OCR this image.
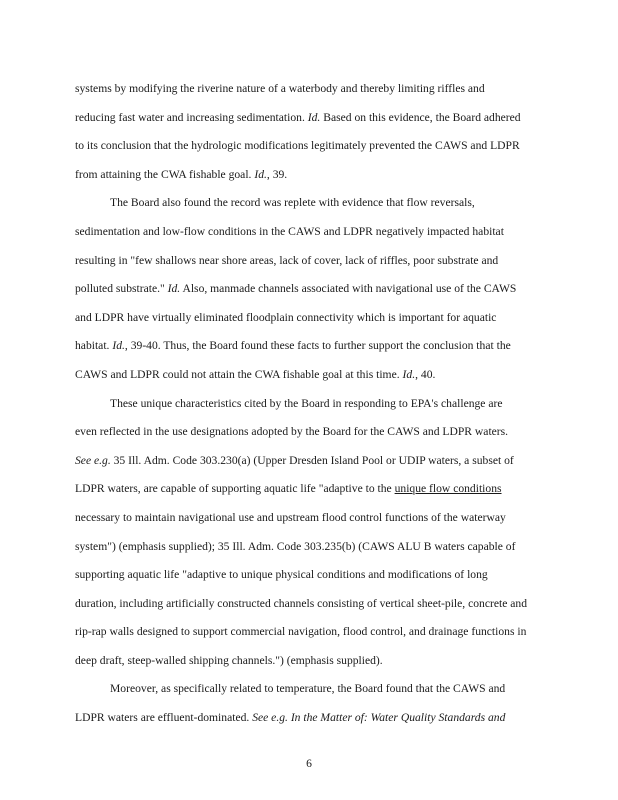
systems by modifying the riverine nature of a waterbody and thereby limiting riffles and
reducing fast water and increasing sedimentation. Id. Based on this evidence, the Board adhered
to its conclusion that the hydrologic modifications legitimately prevented the CAWS and LDPR
from attaining the CWA fishable goal. Id., 39.
The Board also found the record was replete with evidence that flow reversals,
sedimentation and low-flow conditions in the CAWS and LDPR negatively impacted habitat
resulting in "few shallows near shore areas, lack of cover, lack of riffles, poor substrate and
polluted substrate." Id. Also, manmade channels associated with navigational use of the CAWS
and LDPR have virtually eliminated floodplain connectivity which is important for aquatic
habitat. Id., 39-40. Thus, the Board found these facts to further support the conclusion that the
CAWS and LDPR could not attain the CWA fishable goal at this time. Id., 40.
These unique characteristics cited by the Board in responding to EPA's challenge are
even reflected in the use designations adopted by the Board for the CAWS and LDPR waters.
See e.g. 35 Ill. Adm. Code 303.230(a) (Upper Dresden Island Pool or UDIP waters, a subset of
LDPR waters, are capable of supporting aquatic life "adaptive to the unique flow conditions
necessary to maintain navigational use and upstream flood control functions of the waterway
system") (emphasis supplied); 35 Ill. Adm. Code 303.235(b) (CAWS ALU B waters capable of
supporting aquatic life "adaptive to unique physical conditions and modifications of long
duration, including artificially constructed channels consisting of vertical sheet-pile, concrete and
rip-rap walls designed to support commercial navigation, flood control, and drainage functions in
deep draft, steep-walled shipping channels.") (emphasis supplied).
Moreover, as specifically related to temperature, the Board found that the CAWS and
LDPR waters are effluent-dominated. See e.g. In the Matter of: Water Quality Standards and
6
